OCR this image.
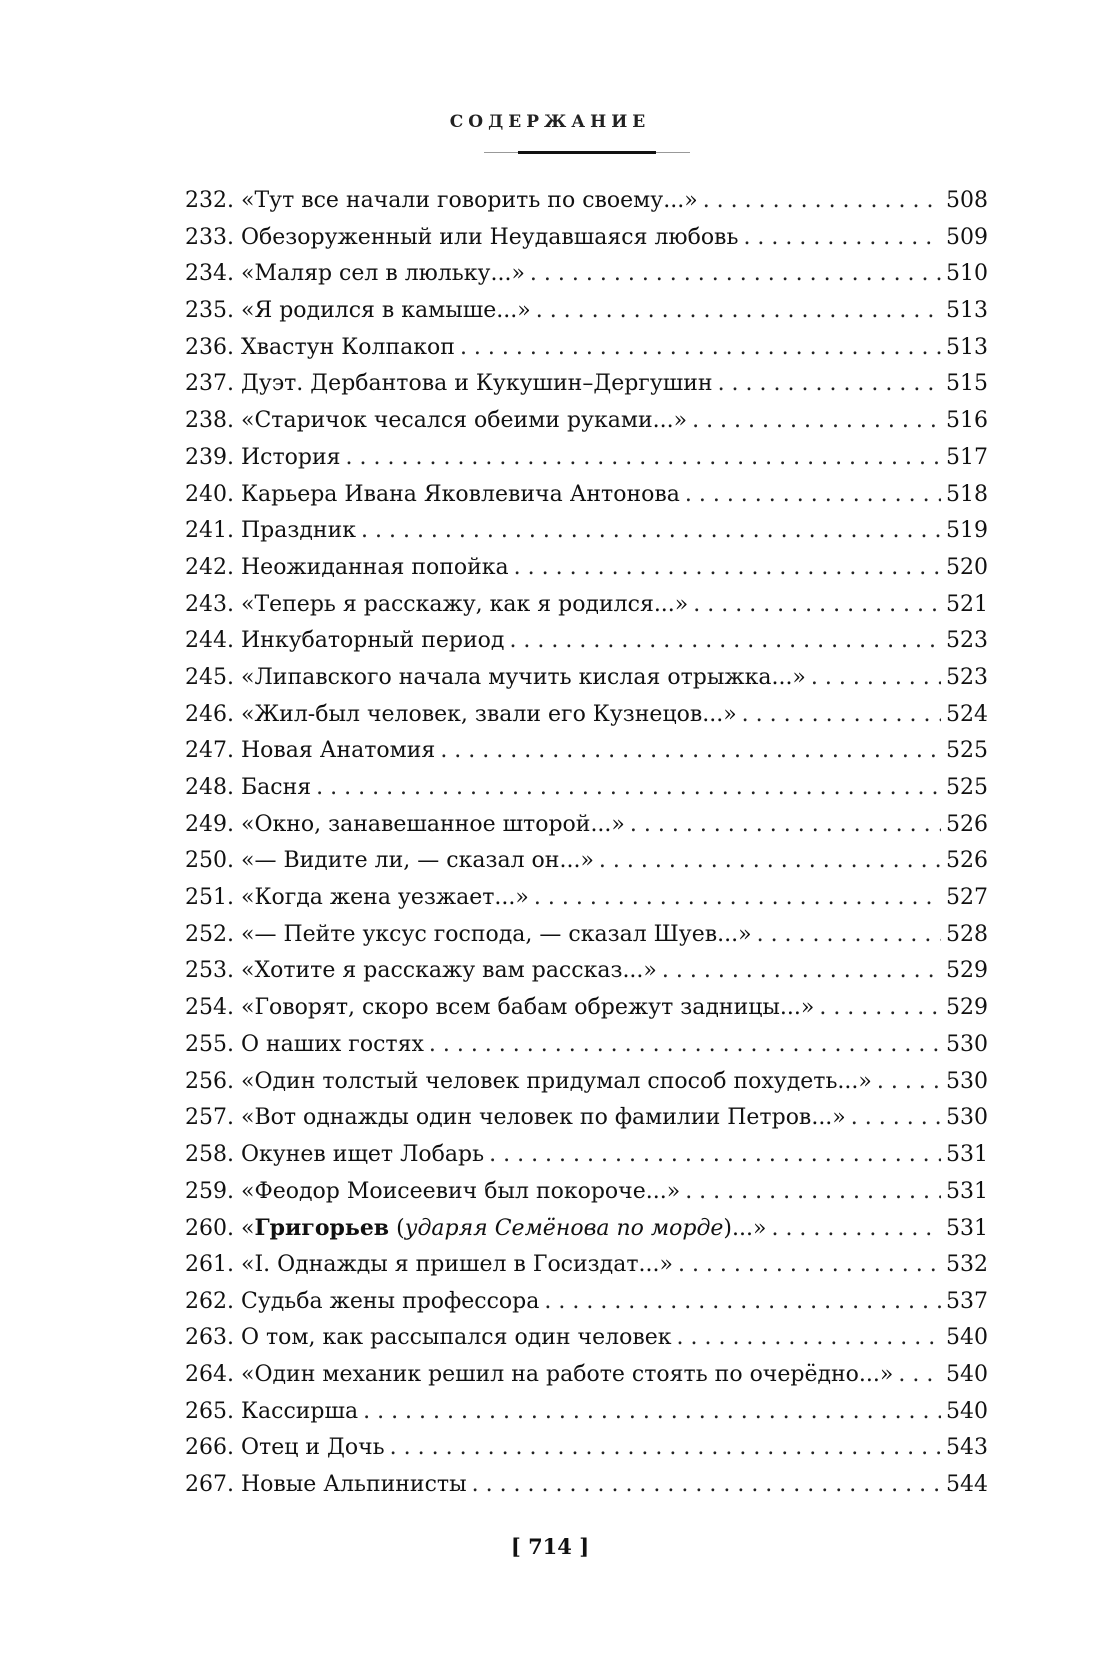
СОДЕРЖАНИЕ
232. «Тут все начали говорить по своему...» . . .	508
233. Обезоруженный или Неудавшаяся любовь . . .	509
234. «Маляр сел в люльку...» . . .	510
235. «Я родился в камыше...» . . .	513
236. Хвастун Колпакоп . . .	513
237. Дуэт. Дербантова и Кукушин–Дергушин . . .	515
238. «Старичок чесался обеими руками...» . . .	516
239. История . . .	517
240. Карьера Ивана Яковлевича Антонова . . .	518
241. Праздник . . .	519
242. Неожиданная попойка . . .	520
243. «Теперь я расскажу, как я родился...» . . .	521
244. Инкубаторный период . . .	523
245. «Липавского начала мучить кислая отрыжка...» . . .	523
246. «Жил-был человек, звали его Кузнецов...» . . .	524
247. Новая Анатомия . . .	525
248. Басня . . .	525
249. «Окно, занавешанное шторой...» . . .	526
250. «— Видите ли, — сказал он...» . . .	526
251. «Когда жена уезжает...» . . .	527
252. «— Пейте уксус господа, — сказал Шуев...» . . .	528
253. «Хотите я расскажу вам рассказ...» . . .	529
254. «Говорят, скоро всем бабам обрежут задницы...» . . .	529
255. О наших гостях . . .	530
256. «Один толстый человек придумал способ похудеть...» . . .	530
257. «Вот однажды один человек по фамилии Петров...» . . .	530
258. Окунев ищет Лобарь . . .	531
259. «Феодор Моисеевич был покороче...» . . .	531
260. «Григорьев (ударяя Семёнова по морде)...» . . .	531
261. «I. Однажды я пришел в Госиздат...» . . .	532
262. Судьба жены профессора . . .	537
263. О том, как рассыпался один человек . . .	540
264. «Один механик решил на работе стоять по очерёдно...» . . . 540
265. Кассирша . . .	540
266. Отец и Дочь . . .	543
267. Новые Альпинисты . . .	544
[ 714 ]
